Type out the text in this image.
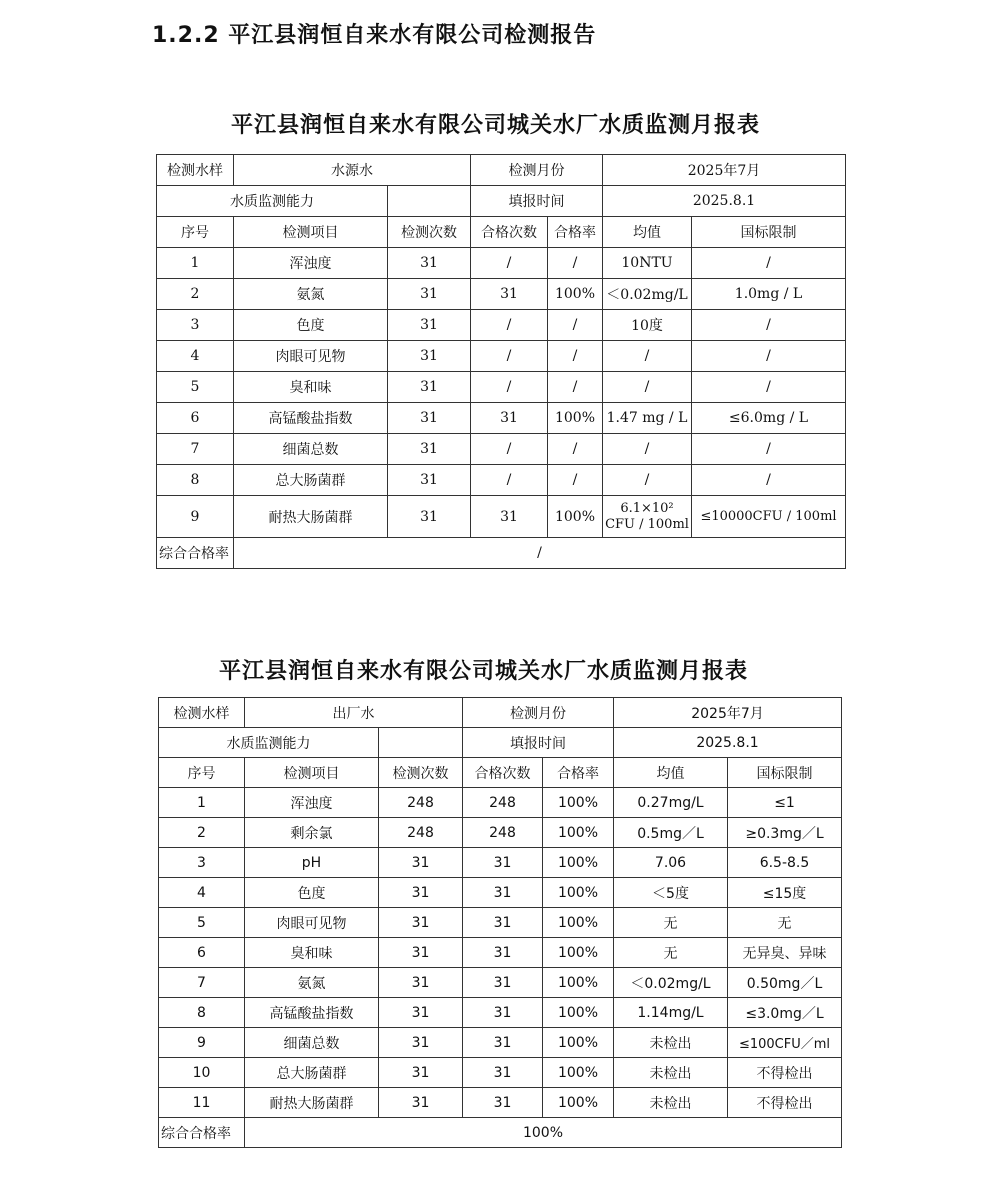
1.2.2 平江县润恒自来水有限公司检测报告
平江县润恒自来水有限公司城关水厂水质监测月报表
检测水样	水源水		检测月份		2025年7月	
水质监测能力			填报时间		2025.8.1	
序号	检测项目	检测次数	合格次数	合格率	均值	国标限制
1	浑浊度	31	/	/	10NTU	/
2	氨氮	31	31	100%	＜0.02mg/L	1.0mg / L
3	色度	31	/	/	10度	/
4	肉眼可见物	31	/	/	/	/
5	臭和味	31	/	/	/	/
6	高锰酸盐指数	31	31	100%	1.47 mg / L	≤6.0mg / L
7	细菌总数	31	/	/	/	/
8	总大肠菌群	31	/	/	/	/
9	耐热大肠菌群	31	31	100%	6.1×10² CFU / 100ml	≤10000CFU / 100ml
综合合格率	/					
平江县润恒自来水有限公司城关水厂水质监测月报表
检测水样	出厂水		检测月份		2025年7月	
水质监测能力			填报时间		2025.8.1	
序号	检测项目	检测次数	合格次数	合格率	均值	国标限制
1	浑浊度	248	248	100%	0.27mg/L	≤1
2	剩余氯	248	248	100%	0.5mg／L	≥0.3mg／L
3	pH	31	31	100%	7.06	6.5-8.5
4	色度	31	31	100%	＜5度	≤15度
5	肉眼可见物	31	31	100%	无	无
6	臭和味	31	31	100%	无	无异臭、异味
7	氨氮	31	31	100%	＜0.02mg/L	0.50mg／L
8	高锰酸盐指数	31	31	100%	1.14mg/L	≤3.0mg／L
9	细菌总数	31	31	100%	未检出	≤100CFU／ml
10	总大肠菌群	31	31	100%	未检出	不得检出
11	耐热大肠菌群	31	31	100%	未检出	不得检出
综合合格率	100%					
